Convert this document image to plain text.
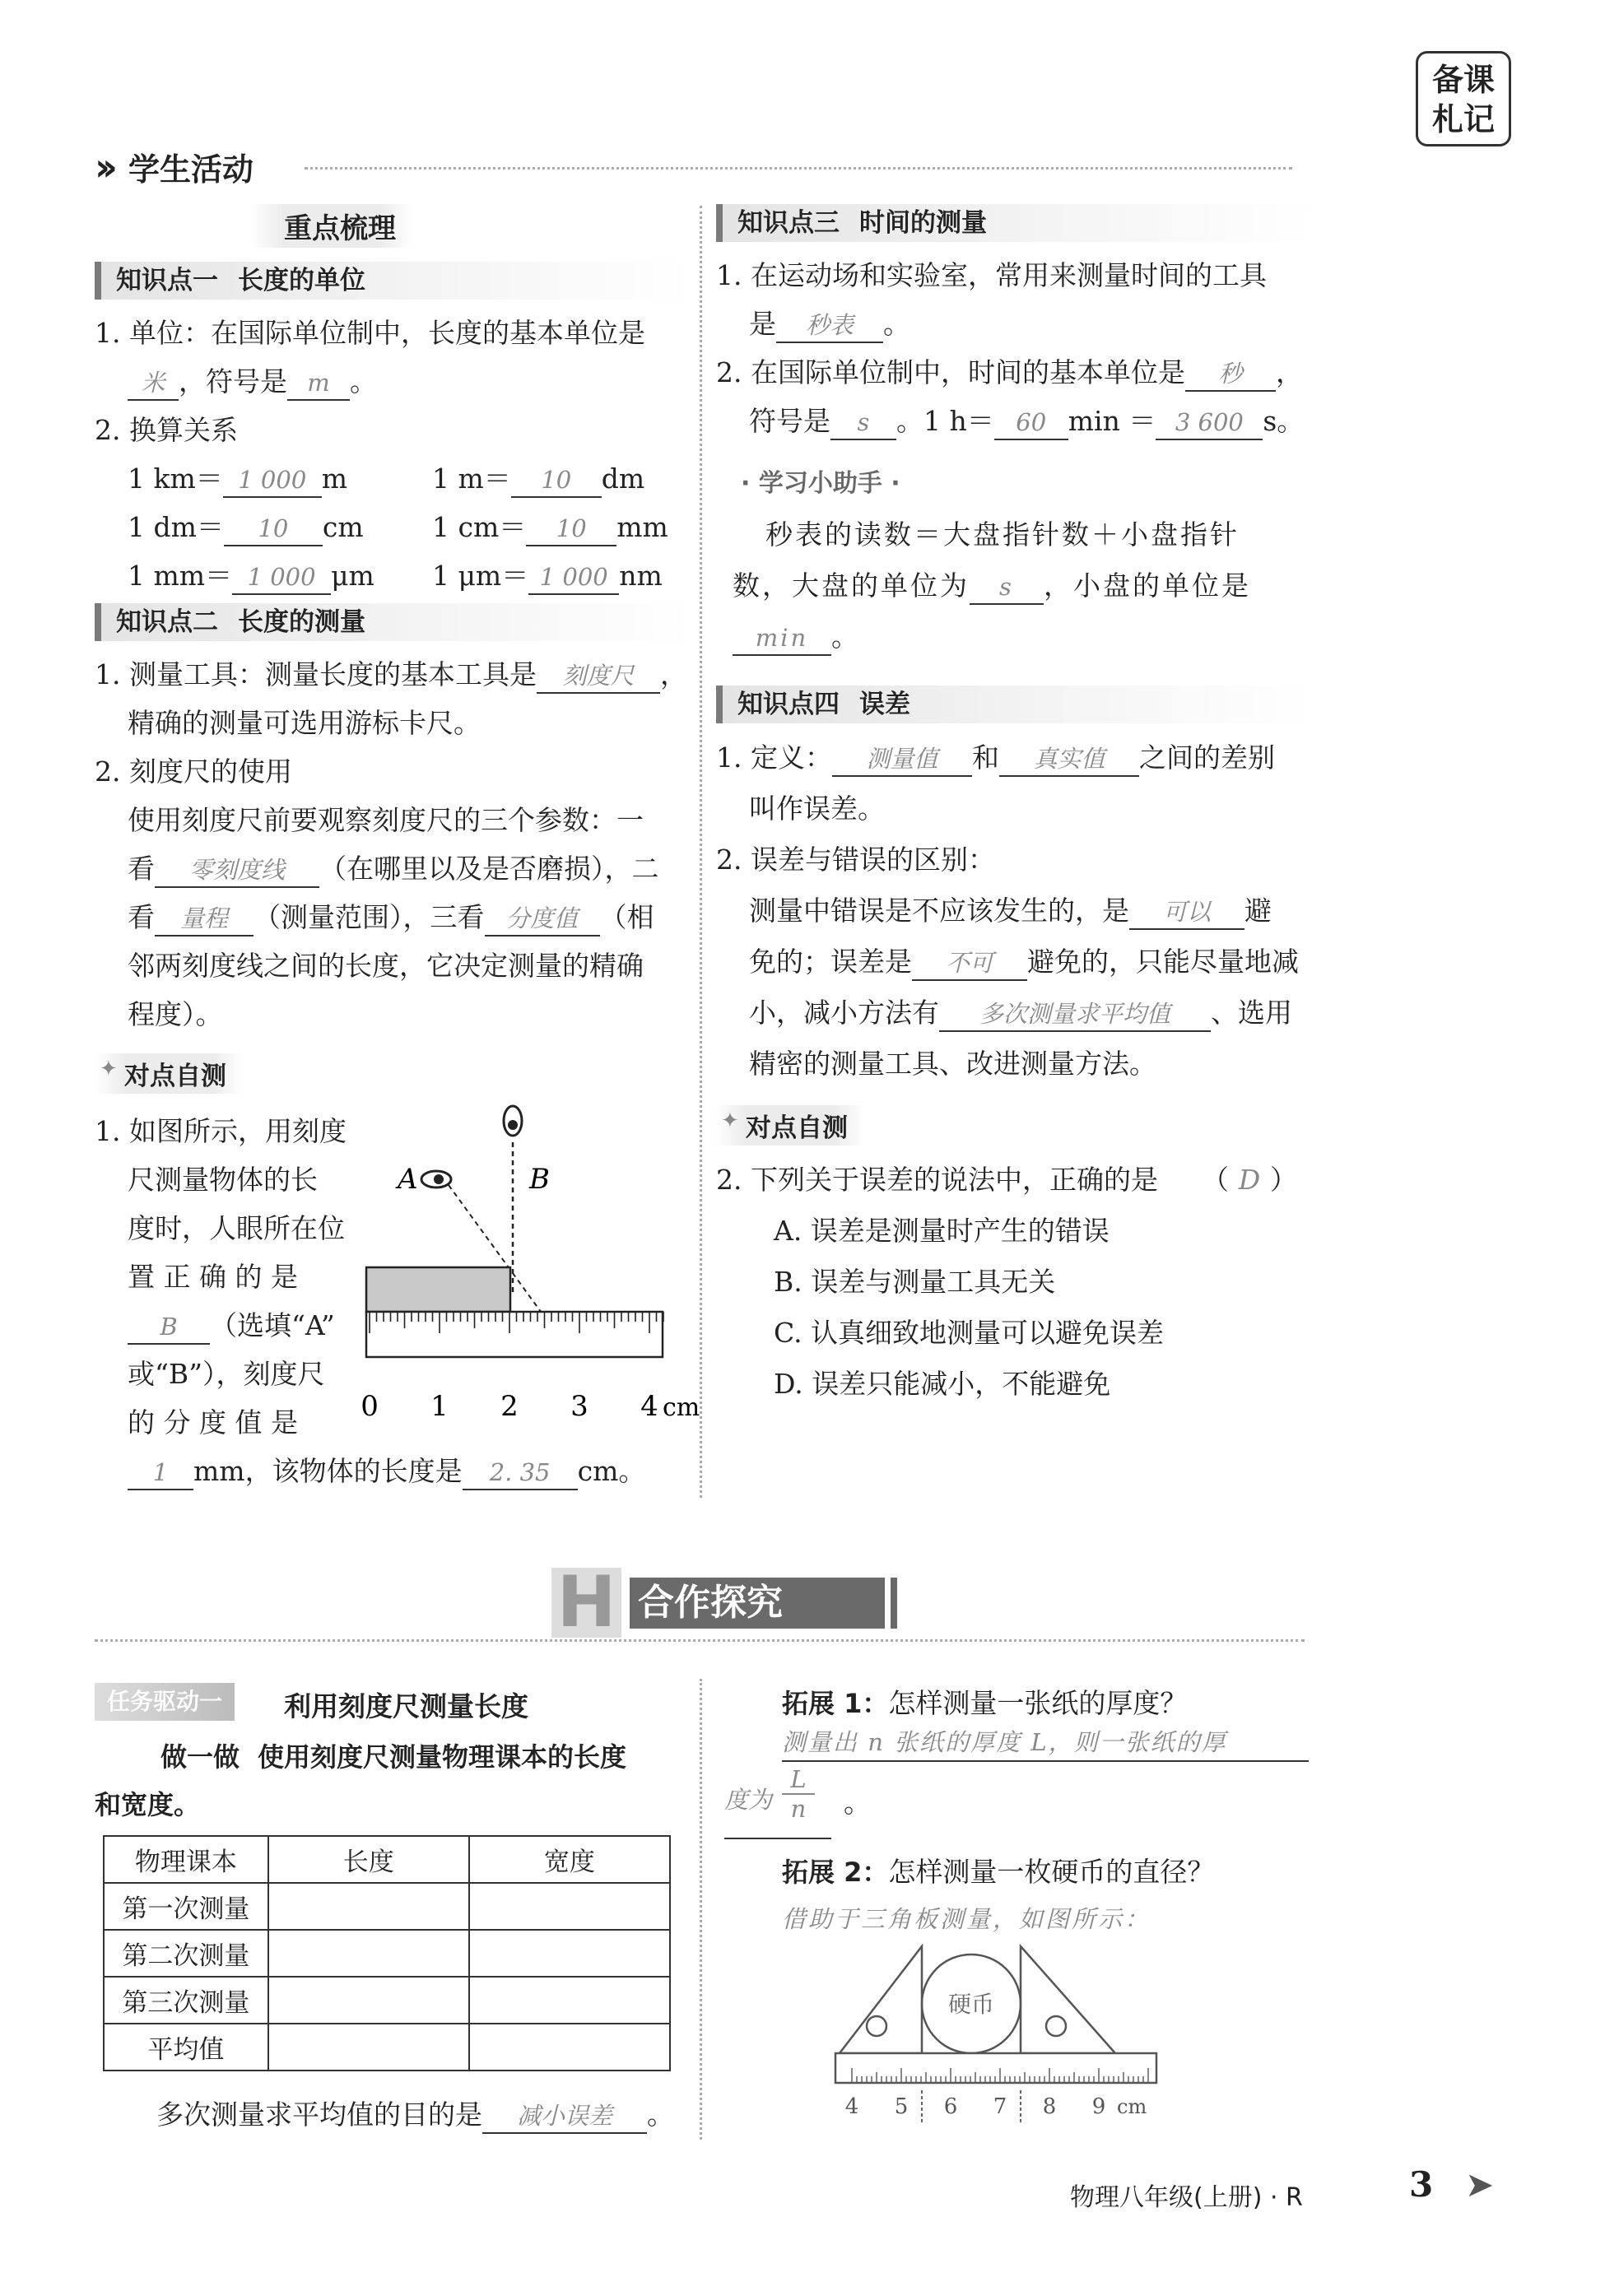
备课
札记
›› 学生活动
重点梳理
知识点一 长度的单位
1. 单位：在国际单位制中，长度的基本单位是
米 ，符号是 m 。
2. 换算关系
1 km＝ 1 000 m	1 m＝ 10 dm
1 dm＝ 10 cm	1 cm＝ 10 mm
1 mm＝ 1 000 μm 1 μm＝ 1 000 nm
知识点二 长度的测量
1. 测量工具：测量长度的基本工具是 刻度尺 ，
精确的测量可选用游标卡尺。
2. 刻度尺的使用
使用刻度尺前要观察刻度尺的三个参数：一
看 零刻度线 （在哪里以及是否磨损），二
看 量程 （测量范围），三看 分度值 （相
邻两刻度线之间的长度，它决定测量的精确
程度）。
对点自测
✦
1. 如图所示，用刻度
尺测量物体的长
度时，人眼所在位
置 正 确 的 是
B （选填“A”
或“B”），刻度尺
的 分 度 值 是
1 mm，该物体的长度是 2. 35 cm。
A	B
0 1 2 3 4 cm
知识点三 时间的测量
1. 在运动场和实验室，常用来测量时间的工具
是 秒表 。
2. 在国际单位制中，时间的基本单位是 秒 ，
符号是 s 。1 h＝ 60 min ＝ 3 600 s。
· 学习小助手 ·
秒表的读数＝大盘指针数＋小盘指针
数，大盘的单位为 s ，小盘的单位是
min 。
知识点四 误差
1. 定义： 测量值 和 真实值 之间的差别
叫作误差。
2. 误差与错误的区别：
测量中错误是不应该发生的，是 可以 避
免的；误差是 不可 避免的，只能尽量地减
小，减小方法有 多次测量求平均值 、选用
精密的测量工具、改进测量方法。
对点自测
✦
2. 下列关于误差的说法中，正确的是 （ D ）
A. 误差是测量时产生的错误
B. 误差与测量工具无关
C. 认真细致地测量可以避免误差
D. 误差只能减小，不能避免
H 合作探究
任务驱动一	利用刻度尺测量长度
做一做 使用刻度尺测量物理课本的长度
和宽度。
物理课本	长度	宽度
第一次测量		
第二次测量		
第三次测量		
平均值		
多次测量求平均值的目的是 减小误差 。
拓展 1：怎样测量一张纸的厚度？
测量出 n 张纸的厚度 L，则一张纸的厚
度为
L
n	。
拓展 2：怎样测量一枚硬币的直径？
借助于三角板测量，如图所示：
硬币
4 5 6 7 8 9 cm
物理八年级(上册) · R	3 ➤
